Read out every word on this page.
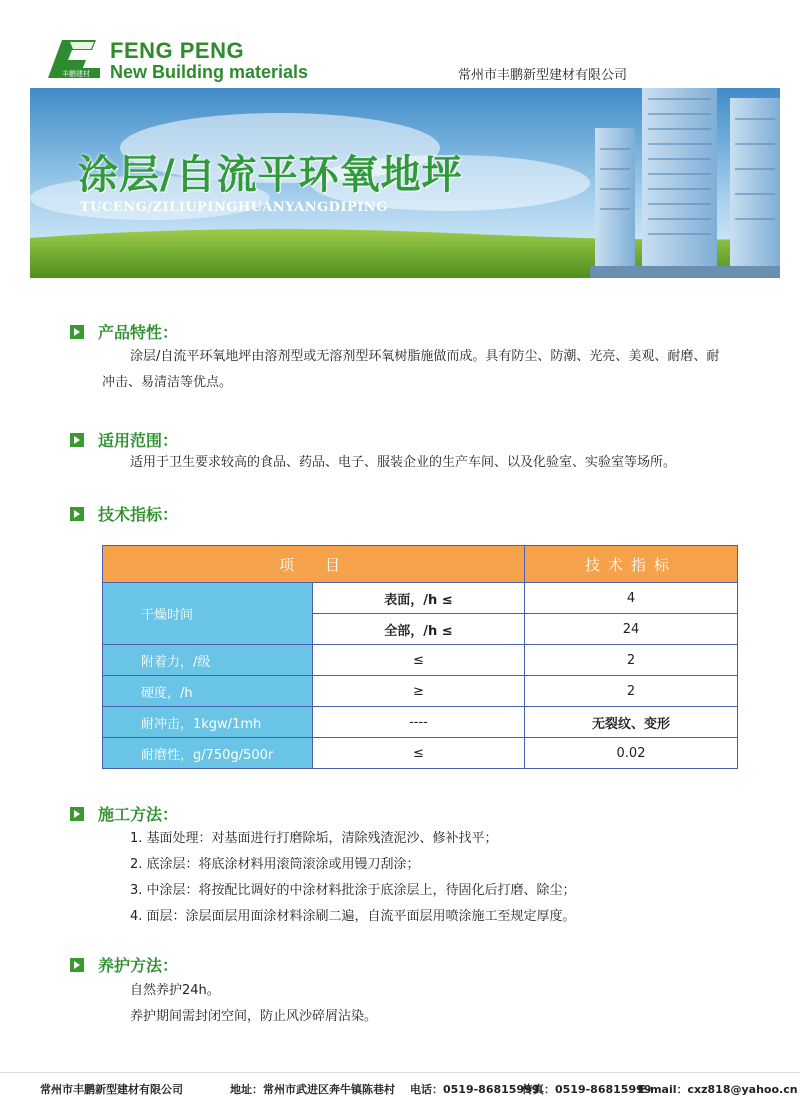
丰鹏建材
FENG PENG
New Building materials	常州市丰鹏新型建材有限公司
涂层/自流平环氧地坪
TUCENG/ZILIUPINGHUANYANGDIPING
产品特性：
涂层/自流平环氧地坪由溶剂型或无溶剂型环氧树脂施做而成。具有防尘、防潮、光亮、美观、耐磨、耐
冲击、易清洁等优点。
适用范围：
适用于卫生要求较高的食品、药品、电子、服装企业的生产车间、以及化验室、实验室等场所。
技术指标：
项　目		技术指标
干燥时间	表面，/h ≤	4
	全部，/h ≤	24
附着力，/级	≤	2
硬度，/h	≥	2
耐冲击，1kgw/1mh	----	无裂纹、变形
耐磨性，g/750g/500r	≤	0.02
施工方法：
1. 基面处理：对基面进行打磨除垢，清除残渣泥沙、修补找平；
2. 底涂层：将底涂材料用滚筒滚涂或用镘刀刮涂；
3. 中涂层：将按配比调好的中涂材料批涂于底涂层上，待固化后打磨、除尘；
4. 面层：涂层面层用面涂材料涂刷二遍，自流平面层用喷涂施工至规定厚度。
养护方法：
自然养护24h。
养护期间需封闭空间，防止风沙碎屑沾染。
常州市丰鹏新型建材有限公司	地址：常州市武进区奔牛镇陈巷村 电话：0519-86815999
传真：0519-86815999
E-mail：cxz818@yahoo.cn
